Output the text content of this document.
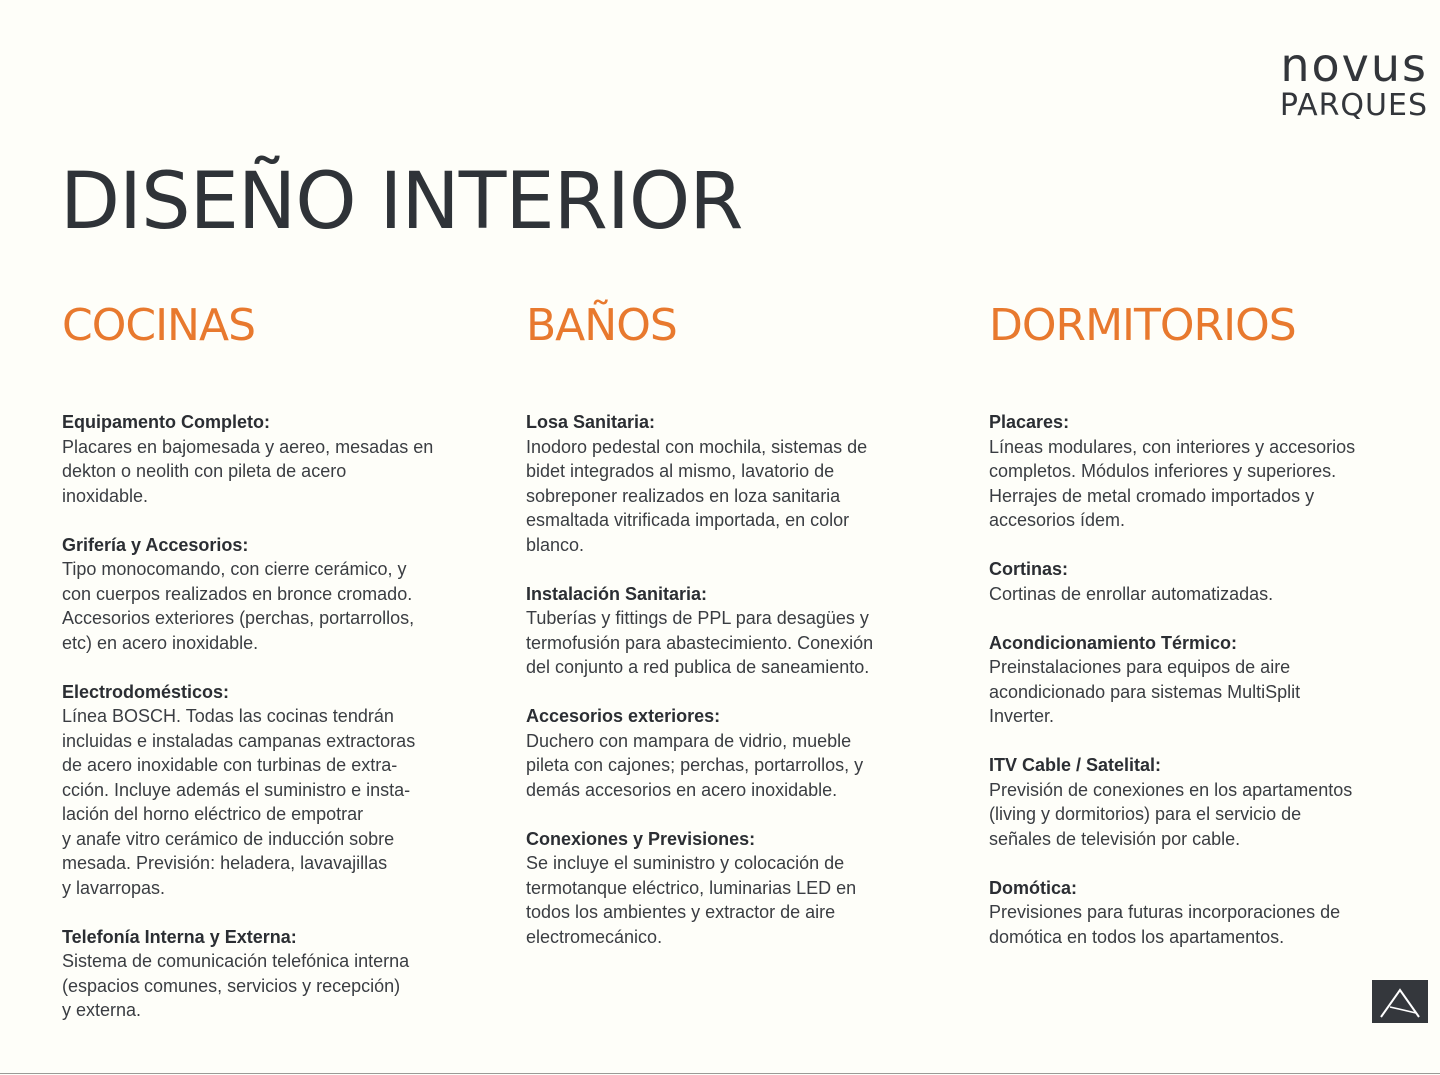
novus
PARQUES
DISEÑO INTERIOR
COCINAS
Equipamento Completo:
Placares en bajomesada y aereo, mesadas en
dekton o neolith con pileta de acero
inoxidable.
Grifería y Accesorios:
Tipo monocomando, con cierre cerámico, y
con cuerpos realizados en bronce cromado.
Accesorios exteriores (perchas, portarrollos,
etc) en acero inoxidable.
Electrodomésticos:
Línea BOSCH. Todas las cocinas tendrán
incluidas e instaladas campanas extractoras
de acero inoxidable con turbinas de extra-
cción. Incluye además el suministro e insta-
lación del horno eléctrico de empotrar
y anafe vitro cerámico de inducción sobre
mesada. Previsión: heladera, lavavajillas
y lavarropas.
Telefonía Interna y Externa:
Sistema de comunicación telefónica interna
(espacios comunes, servicios y recepción)
y externa.
BAÑOS
Losa Sanitaria:
Inodoro pedestal con mochila, sistemas de
bidet integrados al mismo, lavatorio de
sobreponer realizados en loza sanitaria
esmaltada vitrificada importada, en color
blanco.
Instalación Sanitaria:
Tuberías y fittings de PPL para desagües y
termofusión para abastecimiento. Conexión
del conjunto a red publica de saneamiento.
Accesorios exteriores:
Duchero con mampara de vidrio, mueble
pileta con cajones; perchas, portarrollos, y
demás accesorios en acero inoxidable.
Conexiones y Previsiones:
Se incluye el suministro y colocación de
termotanque eléctrico, luminarias LED en
todos los ambientes y extractor de aire
electromecánico.
DORMITORIOS
Placares:
Líneas modulares, con interiores y accesorios
completos. Módulos inferiores y superiores.
Herrajes de metal cromado importados y
accesorios ídem.
Cortinas:
Cortinas de enrollar automatizadas.
Acondicionamiento Térmico:
Preinstalaciones para equipos de aire
acondicionado para sistemas MultiSplit
Inverter.
ITV Cable / Satelital:
Previsión de conexiones en los apartamentos
(living y dormitorios) para el servicio de
señales de televisión por cable.
Domótica:
Previsiones para futuras incorporaciones de
domótica en todos los apartamentos.
